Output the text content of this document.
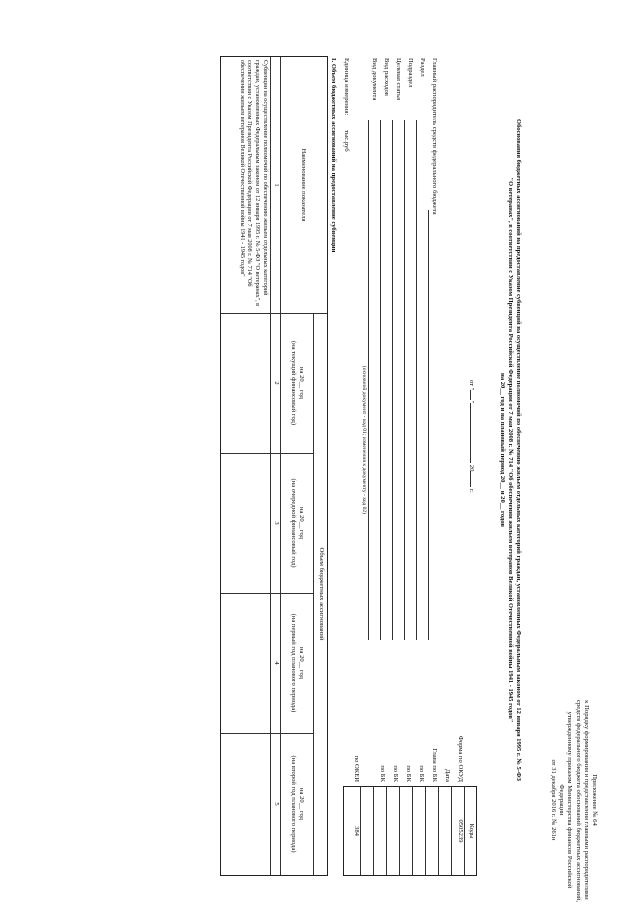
Приложение № 64
к Порядку формирования и представления главными распорядителями
средств федерального бюджета обоснований бюджетных ассигнований,
утвержденному приказом Министерства финансов Российской
Федерации
от 31 декабря 2016 г. № 261н
Обоснования бюджетных ассигнований на предоставление субвенций на осуществление полномочий по обеспечению жильем отдельных категорий граждан, установленных Федеральным законом от 12 января 1995 г. № 5-ФЗ
"О ветеранах", в соответствии с Указом Президента Российской Федерации от 7 мая 2008 г. № 714 "Об обеспечении жильем ветеранов Великой Отечественной войны 1941 - 1945 годов"
на 20__ год и на плановый период 20__ и 20__ годов
от "" 20 г.
Коды
0505239
384
Форма по ОКУД
Дата
Глава по БК
по БК
по БК
по БК
по БК
по ОКЕИ
Главный распорядитель средств федерального бюджета
Раздел
Подраздел
Целевая статья
Вид расходов
Вид документа
(основной документ - код 01; изменения к документу - код 02)
Единица измерения:
тыс.руб
I. Объем бюджетных ассигнований на предоставление субвенции
Наименование показателя
Объем бюджетных ассигнований
на 20__ год
(на текущий финансовый год)
на 20__ год
(на очередной финансовый год)
на 20__ год
(на первый год планового периода)
на 20__ год
(на второй год планового периода)
1
2
3
4
5
Субвенции на осуществление полномочий по обеспечению жильем отдельных категорий граждан, установленных Федеральным законом от 12 января 1995 г. № 5-ФЗ "О ветеранах", в соответствии с Указом Президента Российской Федерации от 7 мая 2008 г. № 714 "Об обеспечении жильем ветеранов Великой Отечественной войны 1941 - 1945 годов"
